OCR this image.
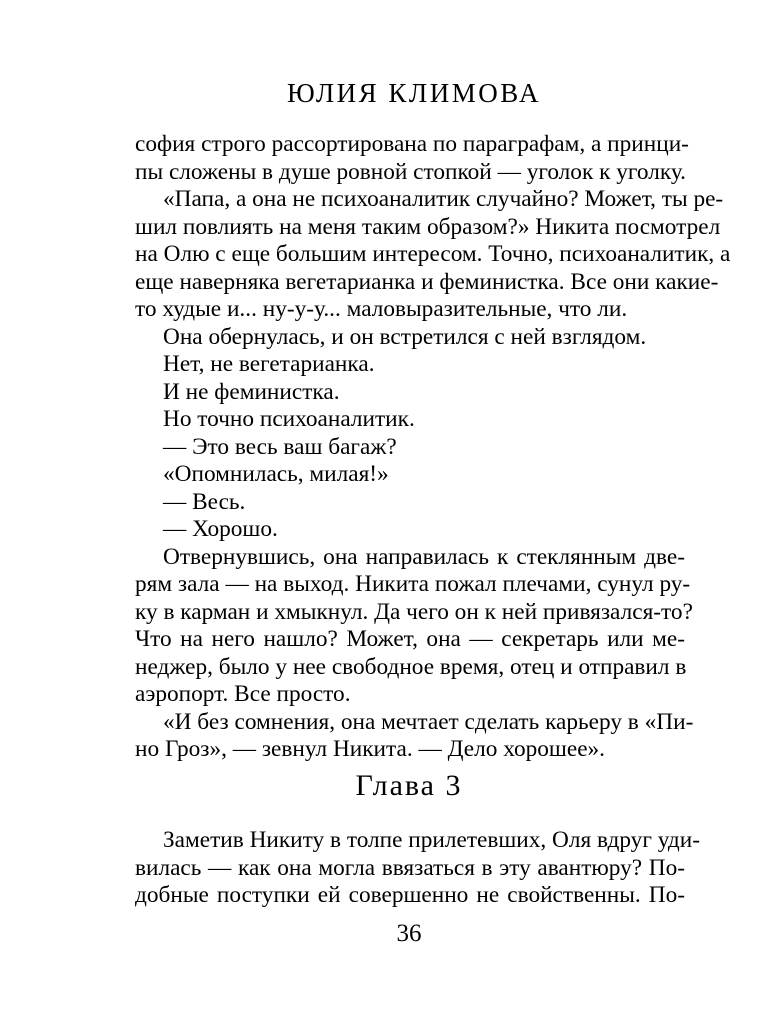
ЮЛИЯ КЛИМОВА
софия строго рассортирована по параграфам, а принци-
пы сложены в душе ровной стопкой — уголок к уголку.
«Папа, а она не психоаналитик случайно? Может, ты ре-
шил повлиять на меня таким образом?» Никита посмотрел
на Олю с еще большим интересом. Точно, психоаналитик, а
еще наверняка вегетарианка и феминистка. Все они какие-
то худые и... ну-у-у... маловыразительные, что ли.
Она обернулась, и он встретился с ней взглядом.
Нет, не вегетарианка.
И не феминистка.
Но точно психоаналитик.
— Это весь ваш багаж?
«Опомнилась, милая!»
— Весь.
— Хорошо.
Отвернувшись, она направилась к стеклянным две-
рям зала — на выход. Никита пожал плечами, сунул ру-
ку в карман и хмыкнул. Да чего он к ней привязался-то?
Что на него нашло? Может, она — секретарь или ме-
неджер, было у нее свободное время, отец и отправил в
аэропорт. Все просто.
«И без сомнения, она мечтает сделать карьеру в «Пи-
но Гроз», — зевнул Никита. — Дело хорошее».
Глава 3
Заметив Никиту в толпе прилетевших, Оля вдруг уди-
вилась — как она могла ввязаться в эту авантюру? По-
добные поступки ей совершенно не свойственны. По-
36
